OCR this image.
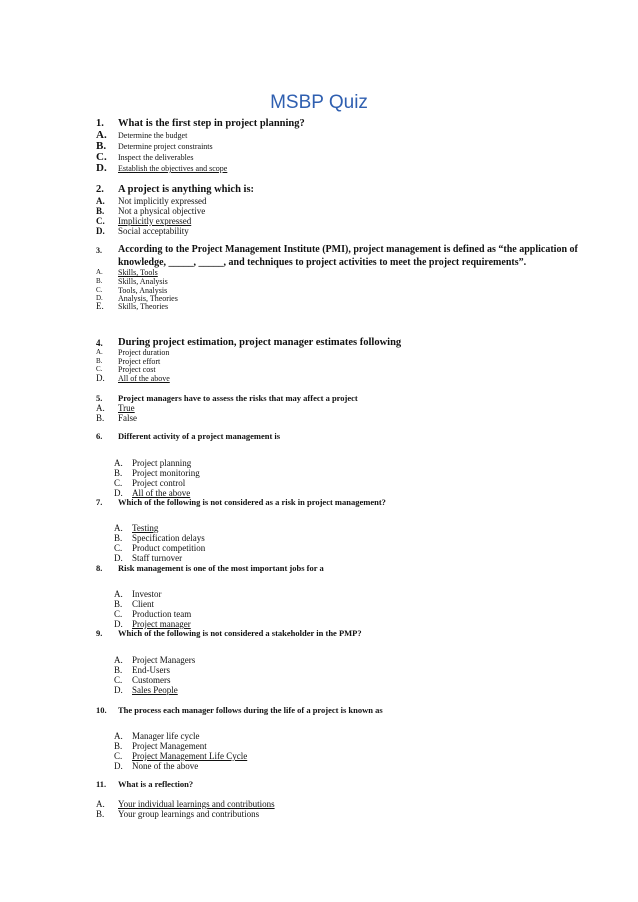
MSBP Quiz
1. What is the first step in project planning?
A. Determine the budget
B. Determine project constraints
C. Inspect the deliverables
D. Establish the objectives and scope
2. A project is anything which is:
A. Not implicitly expressed
B. Not a physical objective
C. Implicitly expressed
D. Social acceptability
3. According to the Project Management Institute (PMI), project management is defined as “the application of knowledge, _____, _____, and techniques to project activities to meet the project requirements”.
A. Skills, Tools
B. Skills, Analysis
C. Tools, Analysis
D. Analysis, Theories
E. Skills, Theories
4. During project estimation, project manager estimates following
A. Project duration
B. Project effort
C. Project cost
D. All of the above
5. Project managers have to assess the risks that may affect a project
A. True
B. False
6. Different activity of a project management is
A. Project planning
B. Project monitoring
C. Project control
D. All of the above
7. Which of the following is not considered as a risk in project management?
A. Testing
B. Specification delays
C. Product competition
D. Staff turnover
8. Risk management is one of the most important jobs for a
A. Investor
B. Client
C. Production team
D. Project manager
9. Which of the following is not considered a stakeholder in the PMP?
A. Project Managers
B. End-Users
C. Customers
D. Sales People
10. The process each manager follows during the life of a project is known as
A. Manager life cycle
B. Project Management
C. Project Management Life Cycle
D. None of the above
11. What is a reflection?
A. Your individual learnings and contributions
B. Your group learnings and contributions
